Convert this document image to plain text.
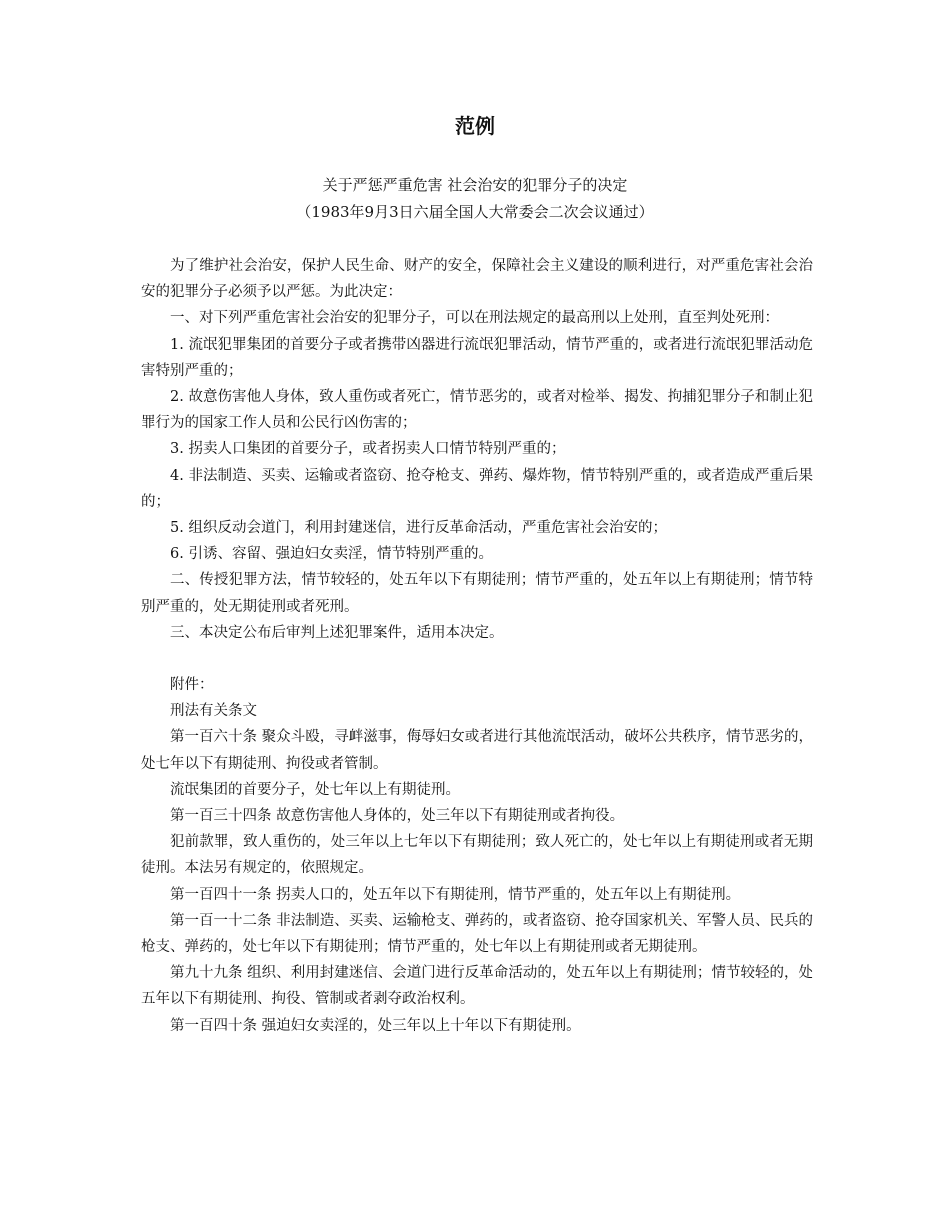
范例

关于严惩严重危害 社会治安的犯罪分子的决定

（1983年9月3日六届全国人大常委会二次会议通过）

为了维护社会治安，保护人民生命、财产的安全，保障社会主义建设的顺利进行，对严重危害社会治安的犯罪分子必须予以严惩。为此决定：

一、对下列严重危害社会治安的犯罪分子，可以在刑法规定的最高刑以上处刑，直至判处死刑：

1. 流氓犯罪集团的首要分子或者携带凶器进行流氓犯罪活动，情节严重的，或者进行流氓犯罪活动危害特别严重的；

2. 故意伤害他人身体，致人重伤或者死亡，情节恶劣的，或者对检举、揭发、拘捕犯罪分子和制止犯罪行为的国家工作人员和公民行凶伤害的；

3. 拐卖人口集团的首要分子，或者拐卖人口情节特别严重的；

4. 非法制造、买卖、运输或者盗窃、抢夺枪支、弹药、爆炸物，情节特别严重的，或者造成严重后果的；

5. 组织反动会道门，利用封建迷信，进行反革命活动，严重危害社会治安的；

6. 引诱、容留、强迫妇女卖淫，情节特别严重的。

二、传授犯罪方法，情节较轻的，处五年以下有期徒刑；情节严重的，处五年以上有期徒刑；情节特别严重的，处无期徒刑或者死刑。

三、本决定公布后审判上述犯罪案件，适用本决定。

附件：

刑法有关条文

第一百六十条 聚众斗殴，寻衅滋事，侮辱妇女或者进行其他流氓活动，破坏公共秩序，情节恶劣的，处七年以下有期徒刑、拘役或者管制。

流氓集团的首要分子，处七年以上有期徒刑。

第一百三十四条 故意伤害他人身体的，处三年以下有期徒刑或者拘役。

犯前款罪，致人重伤的，处三年以上七年以下有期徒刑；致人死亡的，处七年以上有期徒刑或者无期徒刑。本法另有规定的，依照规定。

第一百四十一条 拐卖人口的，处五年以下有期徒刑，情节严重的，处五年以上有期徒刑。

第一百一十二条 非法制造、买卖、运输枪支、弹药的，或者盗窃、抢夺国家机关、军警人员、民兵的枪支、弹药的，处七年以下有期徒刑；情节严重的，处七年以上有期徒刑或者无期徒刑。

第九十九条 组织、利用封建迷信、会道门进行反革命活动的，处五年以上有期徒刑；情节较轻的，处五年以下有期徒刑、拘役、管制或者剥夺政治权利。

第一百四十条 强迫妇女卖淫的，处三年以上十年以下有期徒刑。
